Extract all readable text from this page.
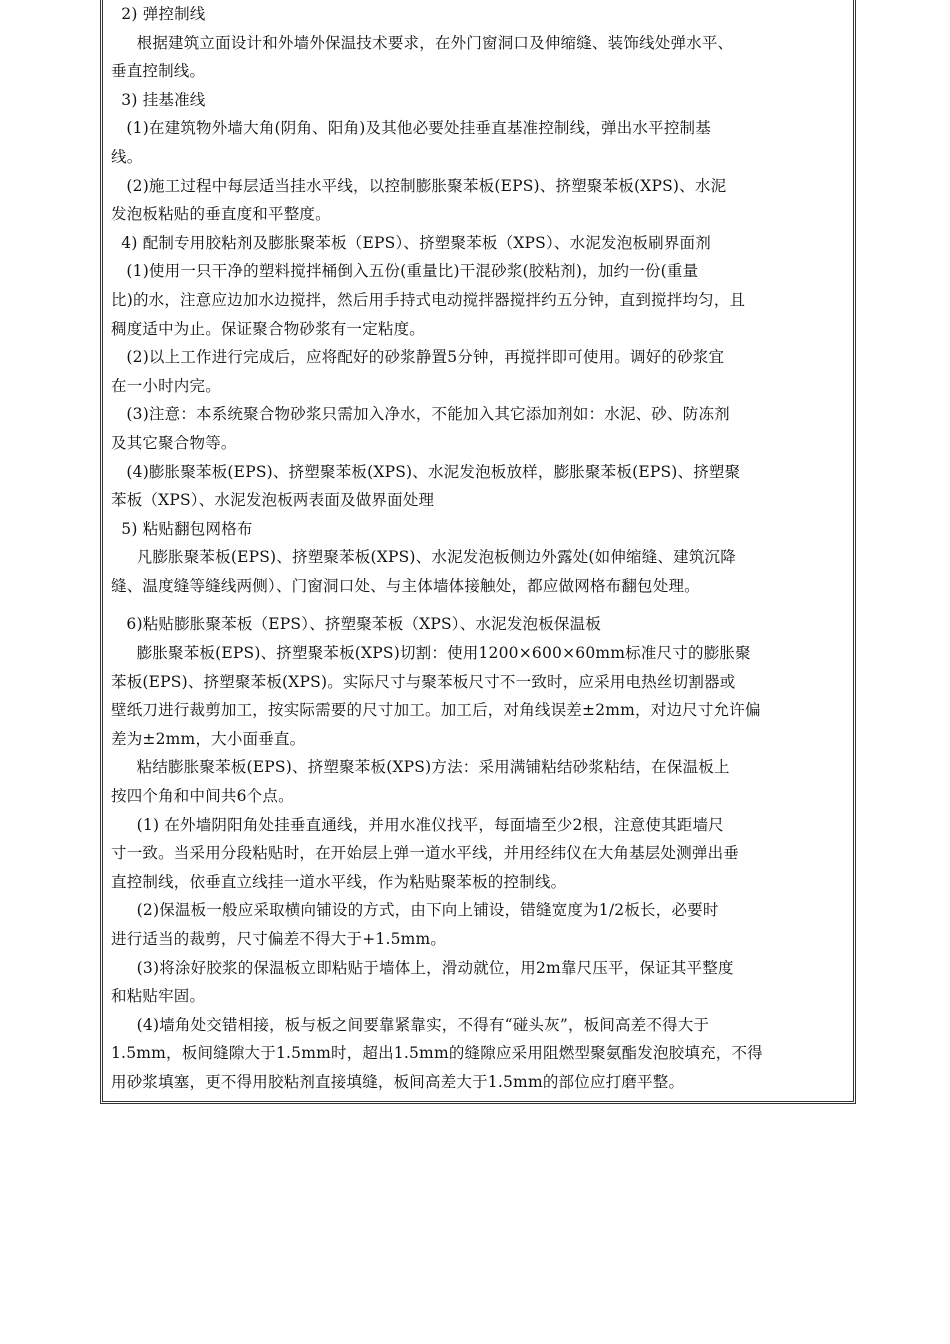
2) 弹控制线
根据建筑立面设计和外墙外保温技术要求，在外门窗洞口及伸缩缝、装饰线处弹水平、
垂直控制线。
3) 挂基准线
(1)在建筑物外墙大角(阴角、阳角)及其他必要处挂垂直基准控制线，弹出水平控制基
线。
(2)施工过程中每层适当挂水平线，以控制膨胀聚苯板(EPS)、挤塑聚苯板(XPS)、水泥
发泡板粘贴的垂直度和平整度。
4) 配制专用胶粘剂及膨胀聚苯板（EPS）、挤塑聚苯板（XPS）、水泥发泡板刷界面剂
(1)使用一只干净的塑料搅拌桶倒入五份(重量比)干混砂浆(胶粘剂)，加约一份(重量
比)的水，注意应边加水边搅拌，然后用手持式电动搅拌器搅拌约五分钟，直到搅拌均匀，且
稠度适中为止。保证聚合物砂浆有一定粘度。
(2)以上工作进行完成后，应将配好的砂浆静置5分钟，再搅拌即可使用。调好的砂浆宜
在一小时内完。
(3)注意：本系统聚合物砂浆只需加入净水，不能加入其它添加剂如：水泥、砂、防冻剂
及其它聚合物等。
(4)膨胀聚苯板(EPS)、挤塑聚苯板(XPS)、水泥发泡板放样，膨胀聚苯板(EPS)、挤塑聚
苯板（XPS）、水泥发泡板两表面及做界面处理
5) 粘贴翻包网格布
凡膨胀聚苯板(EPS)、挤塑聚苯板(XPS)、水泥发泡板侧边外露处(如伸缩缝、建筑沉降
缝、温度缝等缝线两侧）、门窗洞口处、与主体墙体接触处，都应做网格布翻包处理。
6)粘贴膨胀聚苯板（EPS）、挤塑聚苯板（XPS）、水泥发泡板保温板
膨胀聚苯板(EPS)、挤塑聚苯板(XPS)切割：使用1200×600×60mm标准尺寸的膨胀聚
苯板(EPS)、挤塑聚苯板(XPS)。实际尺寸与聚苯板尺寸不一致时，应采用电热丝切割器或
壁纸刀进行裁剪加工，按实际需要的尺寸加工。加工后，对角线误差±2mm，对边尺寸允许偏
差为±2mm，大小面垂直。
粘结膨胀聚苯板(EPS)、挤塑聚苯板(XPS)方法：采用满铺粘结砂浆粘结，在保温板上
按四个角和中间共6个点。
(1) 在外墙阴阳角处挂垂直通线，并用水准仪找平，每面墙至少2根，注意使其距墙尺
寸一致。当采用分段粘贴时，在开始层上弹一道水平线，并用经纬仪在大角基层处测弹出垂
直控制线，依垂直立线挂一道水平线，作为粘贴聚苯板的控制线。
(2)保温板一般应采取横向铺设的方式，由下向上铺设，错缝宽度为1/2板长，必要时
进行适当的裁剪，尺寸偏差不得大于+1.5mm。
(3)将涂好胶浆的保温板立即粘贴于墙体上，滑动就位，用2m靠尺压平，保证其平整度
和粘贴牢固。
(4)墙角处交错相接，板与板之间要靠紧靠实，不得有“碰头灰”，板间高差不得大于
1.5mm，板间缝隙大于1.5mm时，超出1.5mm的缝隙应采用阻燃型聚氨酯发泡胶填充，不得
用砂浆填塞，更不得用胶粘剂直接填缝，板间高差大于1.5mm的部位应打磨平整。
